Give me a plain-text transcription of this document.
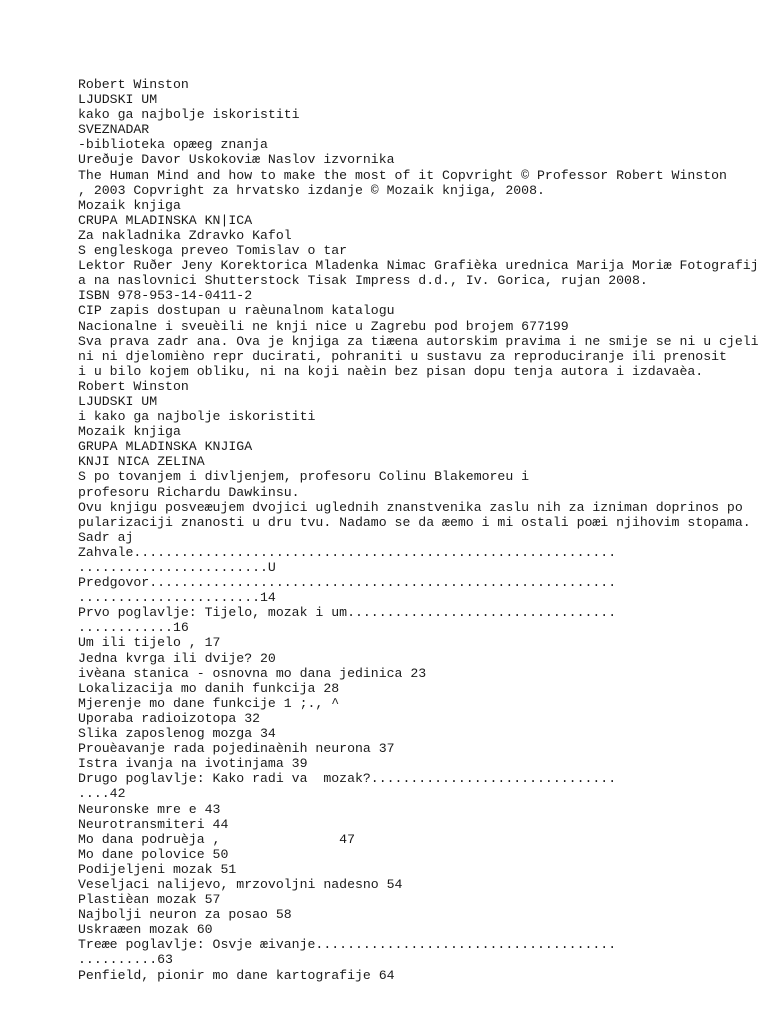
Robert Winston
LJUDSKI UM
kako ga najbolje iskoristiti
SVEZNADAR
-biblioteka opæeg znanja
Ureðuje Davor Uskokoviæ Naslov izvornika
The Human Mind and how to make the most of it Copvright © Professor Robert Winston
, 2003 Copvright za hrvatsko izdanje © Mozaik knjiga, 2008.
Mozaik knjiga
CRUPA MLADINSKA KN|ICA
Za nakladnika Zdravko Kafol
S engleskoga preveo Tomislav o tar
Lektor Ruðer Jeny Korektorica Mladenka Nimac Grafièka urednica Marija Moriæ Fotografij
a na naslovnici Shutterstock Tisak Impress d.d., Iv. Gorica, rujan 2008.
ISBN 978-953-14-0411-2
CIP zapis dostupan u raèunalnom katalogu
Nacionalne i sveuèili ne knji nice u Zagrebu pod brojem 677199
Sva prava zadr ana. Ova je knjiga za tiæena autorskim pravima i ne smije se ni u cjeli
ni ni djelomièno repr ducirati, pohraniti u sustavu za reproduciranje ili prenosit
i u bilo kojem obliku, ni na koji naèin bez pisan dopu tenja autora i izdavaèa.
Robert Winston
LJUDSKI UM
i kako ga najbolje iskoristiti
Mozaik knjiga
GRUPA MLADINSKA KNJIGA
KNJI NICA ZELINA
S po tovanjem i divljenjem, profesoru Colinu Blakemoreu i
profesoru Richardu Dawkinsu.
Ovu knjigu posveæujem dvojici uglednih znanstvenika zaslu nih za izniman doprinos po
pularizaciji znanosti u dru tvu. Nadamo se da æemo i mi ostali poæi njihovim stopama.
Sadr aj
Zahvale.............................................................
........................U
Predgovor...........................................................
.......................14
Prvo poglavlje: Tijelo, mozak i um..................................
............16
Um ili tijelo , 17
Jedna kvrga ili dvije? 20
ivèana stanica - osnovna mo dana jedinica 23
Lokalizacija mo danih funkcija 28
Mjerenje mo dane funkcije 1 ;., ^
Uporaba radioizotopa 32
Slika zaposlenog mozga 34
Prouèavanje rada pojedinaènih neurona 37
Istra ivanja na ivotinjama 39
Drugo poglavlje: Kako radi va  mozak?...............................
....42
Neuronske mre e 43
Neurotransmiteri 44
Mo dana podruèja ,               47
Mo dane polovice 50
Podijeljeni mozak 51
Veseljaci nalijevo, mrzovoljni nadesno 54
Plastièan mozak 57
Najbolji neuron za posao 58
Uskraæen mozak 60
Treæe poglavlje: Osvje æivanje......................................
..........63
Penfield, pionir mo dane kartografije 64
